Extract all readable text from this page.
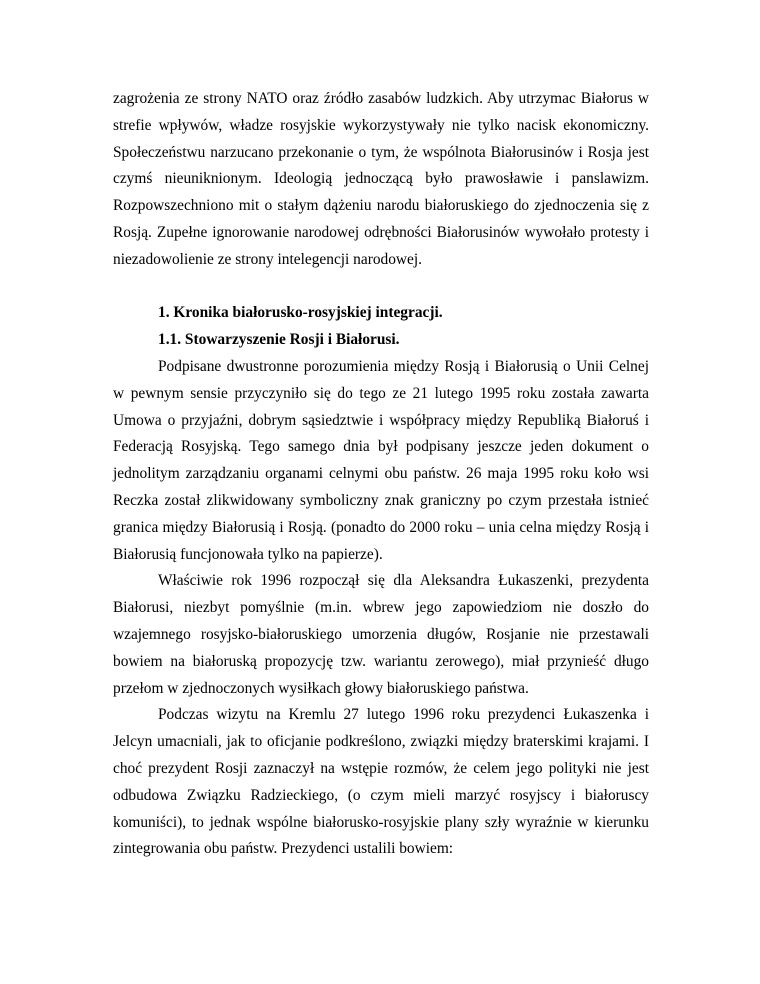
zagrożenia ze strony NATO oraz źródło zasabów ludzkich. Aby utrzymac Białorus w strefie wpływów, władze rosyjskie wykorzystywały nie tylko nacisk ekonomiczny. Społeczeństwu narzucano przekonanie o tym, że wspólnota Białorusinów i Rosja jest czymś nieuniknionym. Ideologią jednoczącą było prawosławie i panslawizm. Rozpowszechniono mit o stałym dążeniu narodu białoruskiego do zjednoczenia się z Rosją. Zupełne ignorowanie narodowej odrębności Białorusinów wywołało protesty i niezadowolienie ze strony intelegencji narodowej.

1. Kronika białorusko-rosyjskiej integracji.
1.1. Stowarzyszenie Rosji i Białorusi.

Podpisane dwustronne porozumienia między Rosją i Białorusią o Unii Celnej w pewnym sensie przyczyniło się do tego ze 21 lutego 1995 roku została zawarta Umowa o przyjaźni, dobrym sąsiedztwie i współpracy między Republiką Białoruś i Federacją Rosyjską. Tego samego dnia był podpisany jeszcze jeden dokument o jednolitym zarządzaniu organami celnymi obu państw. 26 maja 1995 roku koło wsi Reczka został zlikwidowany symboliczny znak graniczny po czym przestała istnieć granica między Białorusią i Rosją. (ponadto do 2000 roku – unia celna między Rosją i Białorusią funcjonowała tylko na papierze).

Właściwie rok 1996 rozpoczął się dla Aleksandra Łukaszenki, prezydenta Białorusi, niezbyt pomyślnie (m.in. wbrew jego zapowiedziom nie doszło do wzajemnego rosyjsko-białoruskiego umorzenia długów, Rosjanie nie przestawali bowiem na białoruską propozycję tzw. wariantu zerowego), miał przynieść długo przełom w zjednoczonych wysiłkach głowy białoruskiego państwa.

Podczas wizytu na Kremlu 27 lutego 1996 roku prezydenci Łukaszenka i Jelcyn umacniali, jak to oficjanie podkreślono, związki między braterskimi krajami. I choć prezydent Rosji zaznaczył na wstępie rozmów, że celem jego polityki nie jest odbudowa Związku Radzieckiego, (o czym mieli marzyć rosyjscy i białoruscy komuniści), to jednak wspólne białorusko-rosyjskie plany szły wyraźnie w kierunku zintegrowania obu państw. Prezydenci ustalili bowiem:
